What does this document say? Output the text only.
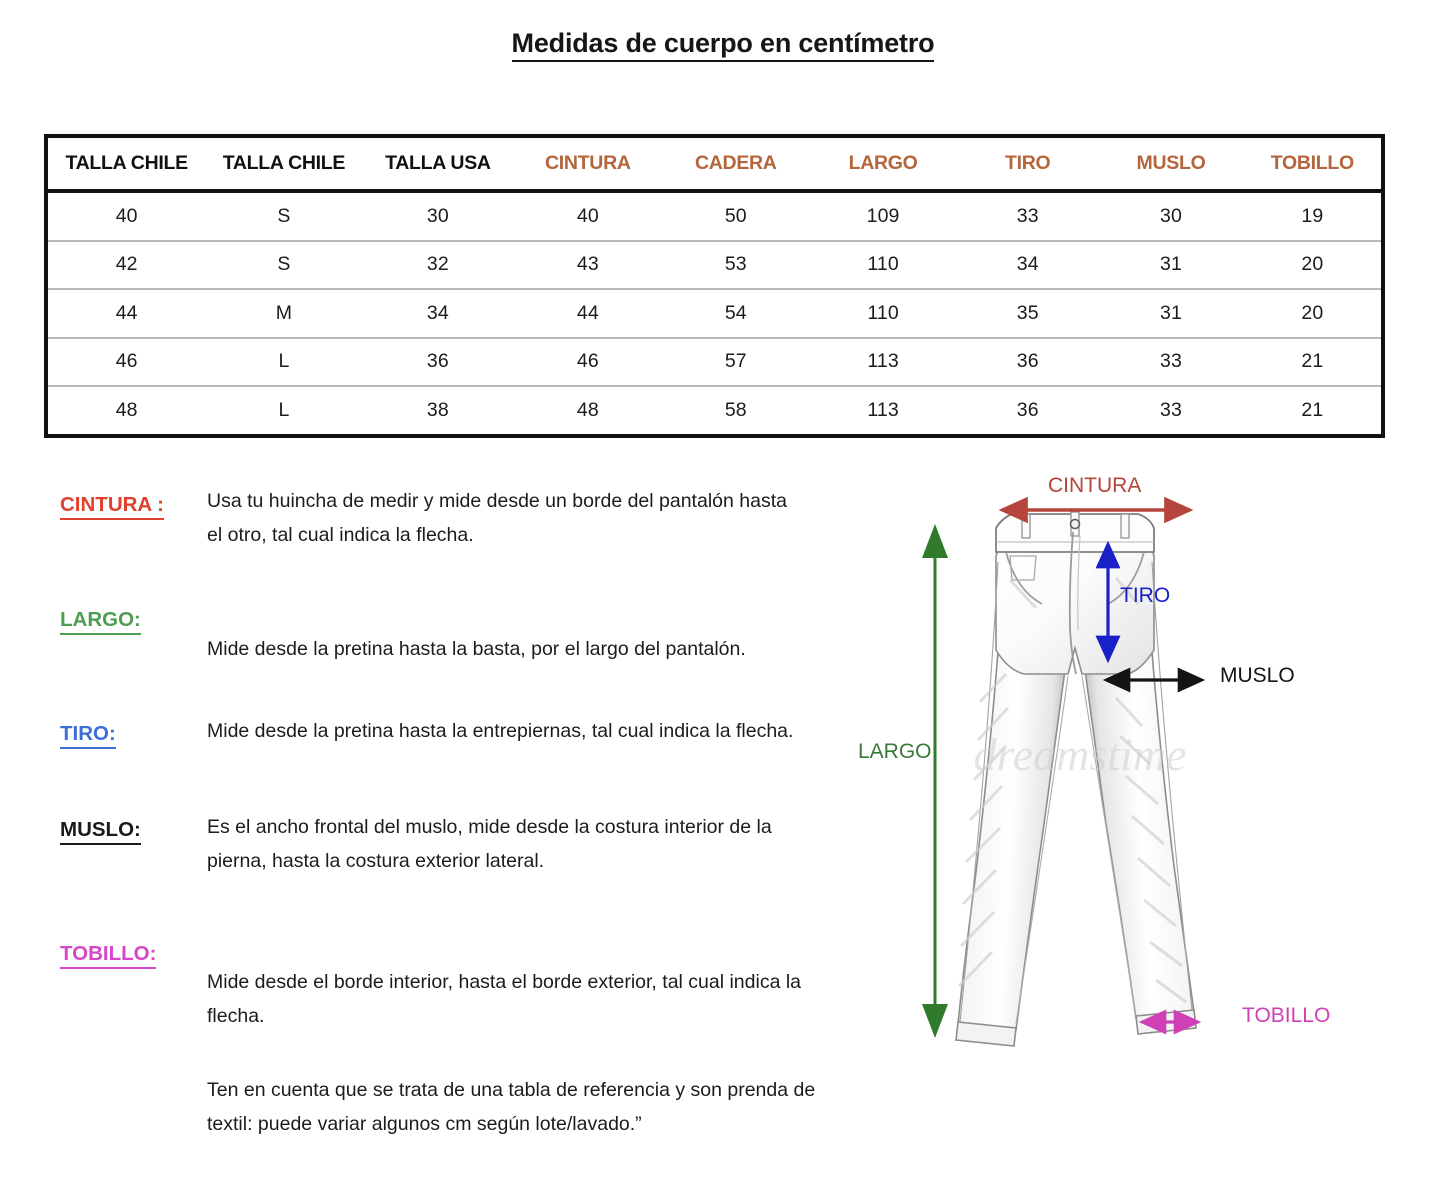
Medidas de cuerpo en centímetro
TALLA CHILE	TALLA CHILE	TALLA USA	CINTURA	CADERA	LARGO	TIRO	MUSLO	TOBILLO
40	S	30	40	50	109	33	30	19
42	S	32	43	53	110	34	31	20
44	M	34	44	54	110	35	31	20
46	L	36	46	57	113	36	33	21
48	L	38	48	58	113	36	33	21
CINTURA : Usa tu huincha de medir y mide desde un borde del pantalón hasta el otro, tal cual indica la flecha.
LARGO:
Mide desde la pretina hasta la basta, por el largo del pantalón.
TIRO:	Mide desde la pretina hasta la entrepiernas, tal cual indica la flecha.
MUSLO:	Es el ancho frontal del muslo, mide desde la costura interior de la pierna, hasta la costura exterior lateral.
TOBILLO:
Mide desde el borde interior, hasta el borde exterior, tal cual indica la flecha.
Ten en cuenta que se trata de una tabla de referencia y son prenda de textil: puede variar algunos cm según lote/lavado.”
dreamstime
CINTURA
TIRO
MUSLO
LARGO
TOBILLO
